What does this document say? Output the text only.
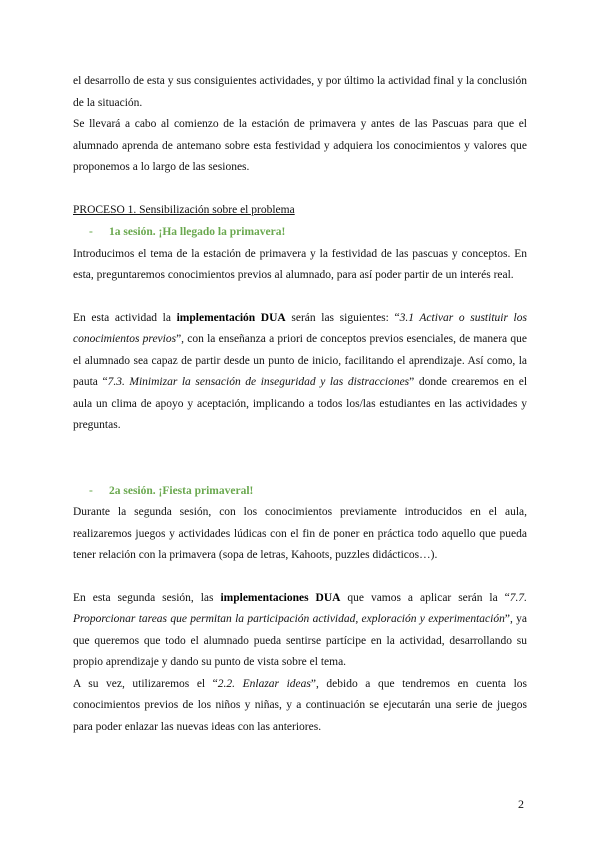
el desarrollo de esta y sus consiguientes actividades, y por último la actividad final y la conclusión de la situación.

Se llevará a cabo al comienzo de la estación de primavera y antes de las Pascuas para que el alumnado aprenda de antemano sobre esta festividad y adquiera los conocimientos y valores que proponemos a lo largo de las sesiones.

PROCESO 1. Sensibilización sobre el problema

- 1a sesión. ¡Ha llegado la primavera!

Introducimos el tema de la estación de primavera y la festividad de las pascuas y conceptos. En esta, preguntaremos conocimientos previos al alumnado, para así poder partir de un interés real.

En esta actividad la implementación DUA serán las siguientes: “3.1 Activar o sustituir los conocimientos previos”, con la enseñanza a priori de conceptos previos esenciales, de manera que el alumnado sea capaz de partir desde un punto de inicio, facilitando el aprendizaje. Así como, la pauta “7.3. Minimizar la sensación de inseguridad y las distracciones” donde crearemos en el aula un clima de apoyo y aceptación, implicando a todos los/las estudiantes en las actividades y preguntas.

- 2a sesión. ¡Fiesta primaveral!

Durante la segunda sesión, con los conocimientos previamente introducidos en el aula, realizaremos juegos y actividades lúdicas con el fin de poner en práctica todo aquello que pueda tener relación con la primavera (sopa de letras, Kahoots, puzzles didácticos…).

En esta segunda sesión, las implementaciones DUA que vamos a aplicar serán la “7.7. Proporcionar tareas que permitan la participación actividad, exploración y experimentación”, ya que queremos que todo el alumnado pueda sentirse partícipe en la actividad, desarrollando su propio aprendizaje y dando su punto de vista sobre el tema.

A su vez, utilizaremos el “2.2. Enlazar ideas”, debido a que tendremos en cuenta los conocimientos previos de los niños y niñas, y a continuación se ejecutarán una serie de juegos para poder enlazar las nuevas ideas con las anteriores.

2
